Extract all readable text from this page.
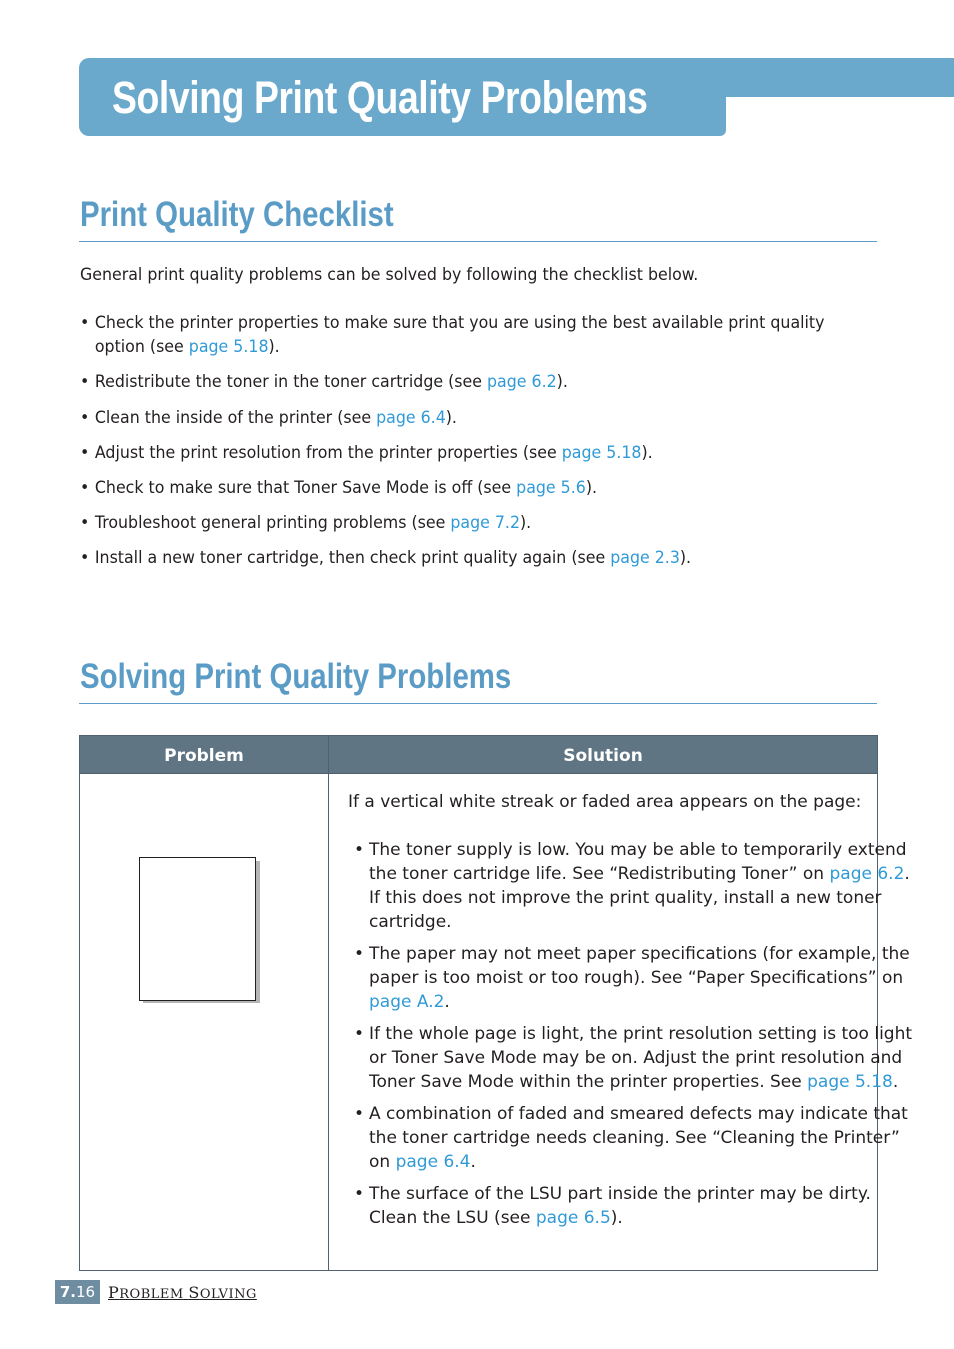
Solving Print Quality Problems
Print Quality Checklist

General print quality problems can be solved by following the checklist below.

• Check the printer properties to make sure that you are using the best available print quality option (see page 5.18).

• Redistribute the toner in the toner cartridge (see page 6.2).

• Clean the inside of the printer (see page 6.4).

• Adjust the print resolution from the printer properties (see page 5.18).

• Check to make sure that Toner Save Mode is off (see page 5.6).

• Troubleshoot general printing problems (see page 7.2).

• Install a new toner cartridge, then check print quality again (see page 2.3).

Solving Print Quality Problems
Problem	Solution

If a vertical white streak or faded area appears on the page:

• The toner supply is low. You may be able to temporarily extend the toner cartridge life. See “Redistributing Toner” on page 6.2. If this does not improve the print quality, install a new toner cartridge.

• The paper may not meet paper specifications (for example, the paper is too moist or too rough). See “Paper Specifications” on page A.2.

• If the whole page is light, the print resolution setting is too light or Toner Save Mode may be on. Adjust the print resolution and Toner Save Mode within the printer properties. See page 5.18.

• A combination of faded and smeared defects may indicate that the toner cartridge needs cleaning. See “Cleaning the Printer” on page 6.4.

• The surface of the LSU part inside the printer may be dirty. Clean the LSU (see page 6.5).

7.16 PROBLEM SOLVING
